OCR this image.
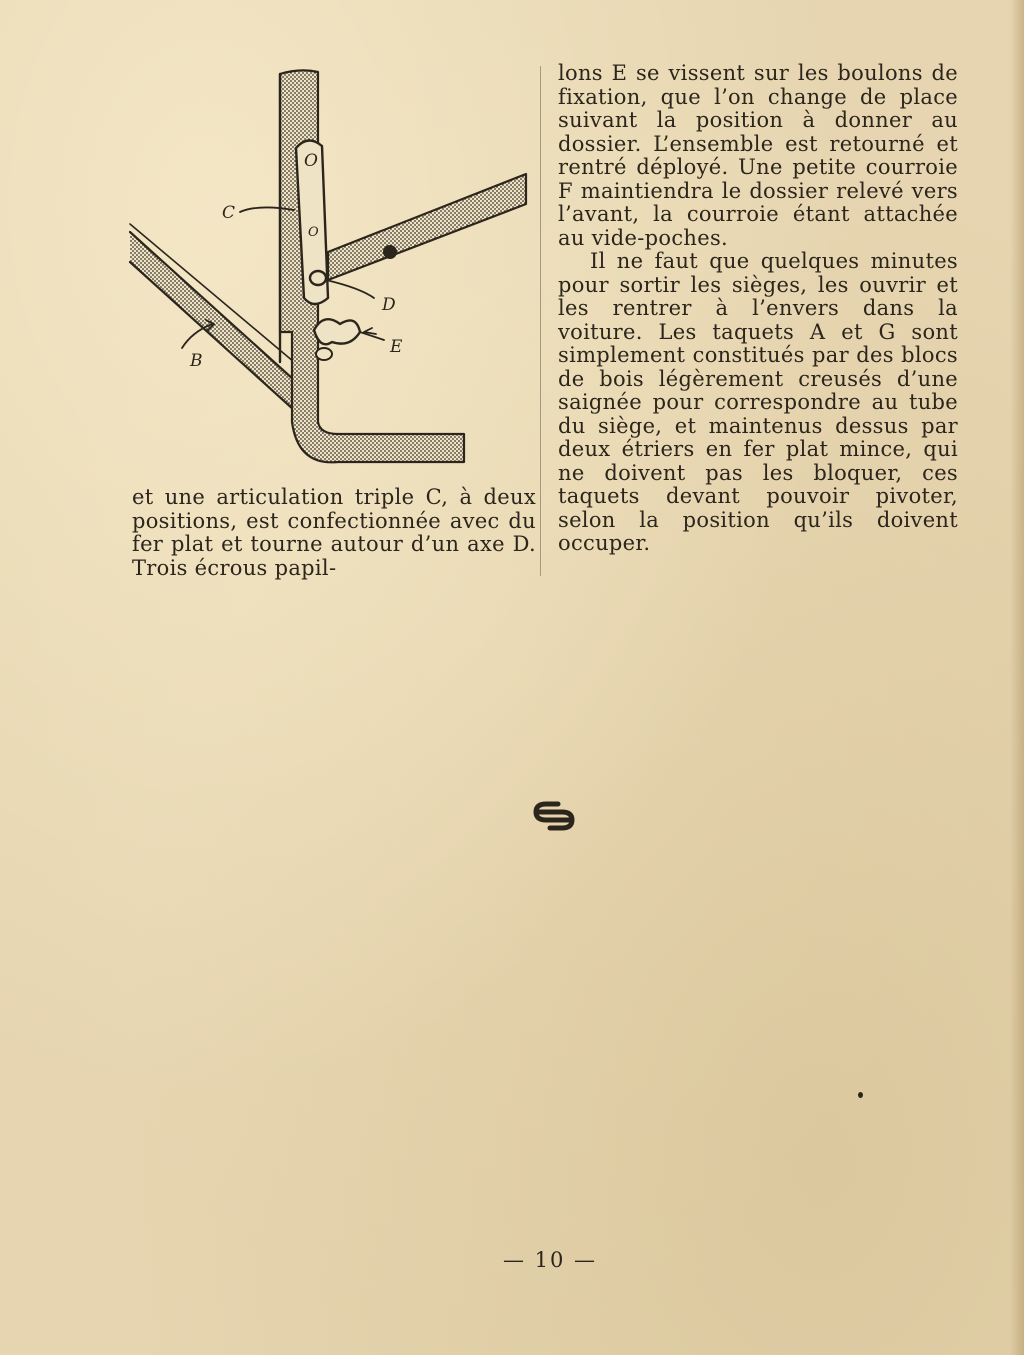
C
O
O
D
E
B

et une articulation triple C, à deux positions, est confectionnée avec du fer plat et tourne autour d’un axe D. Trois écrous papil-

lons E se vissent sur les boulons de fixation, que l’on change de place suivant la position à donner au dossier. L’ensemble est retourné et rentré déployé. Une petite courroie F maintiendra le dossier relevé vers l’avant, la courroie étant attachée au vide-poches.

Il ne faut que quelques minutes pour sortir les sièges, les ouvrir et les rentrer à l’envers dans la voiture. Les taquets A et G sont simplement constitués par des blocs de bois légèrement creusés d’une saignée pour correspondre au tube du siège, et maintenus dessus par deux étriers en fer plat mince, qui ne doivent pas les bloquer, ces taquets devant pouvoir pivoter, selon la position qu’ils doivent occuper.

— 10 —
